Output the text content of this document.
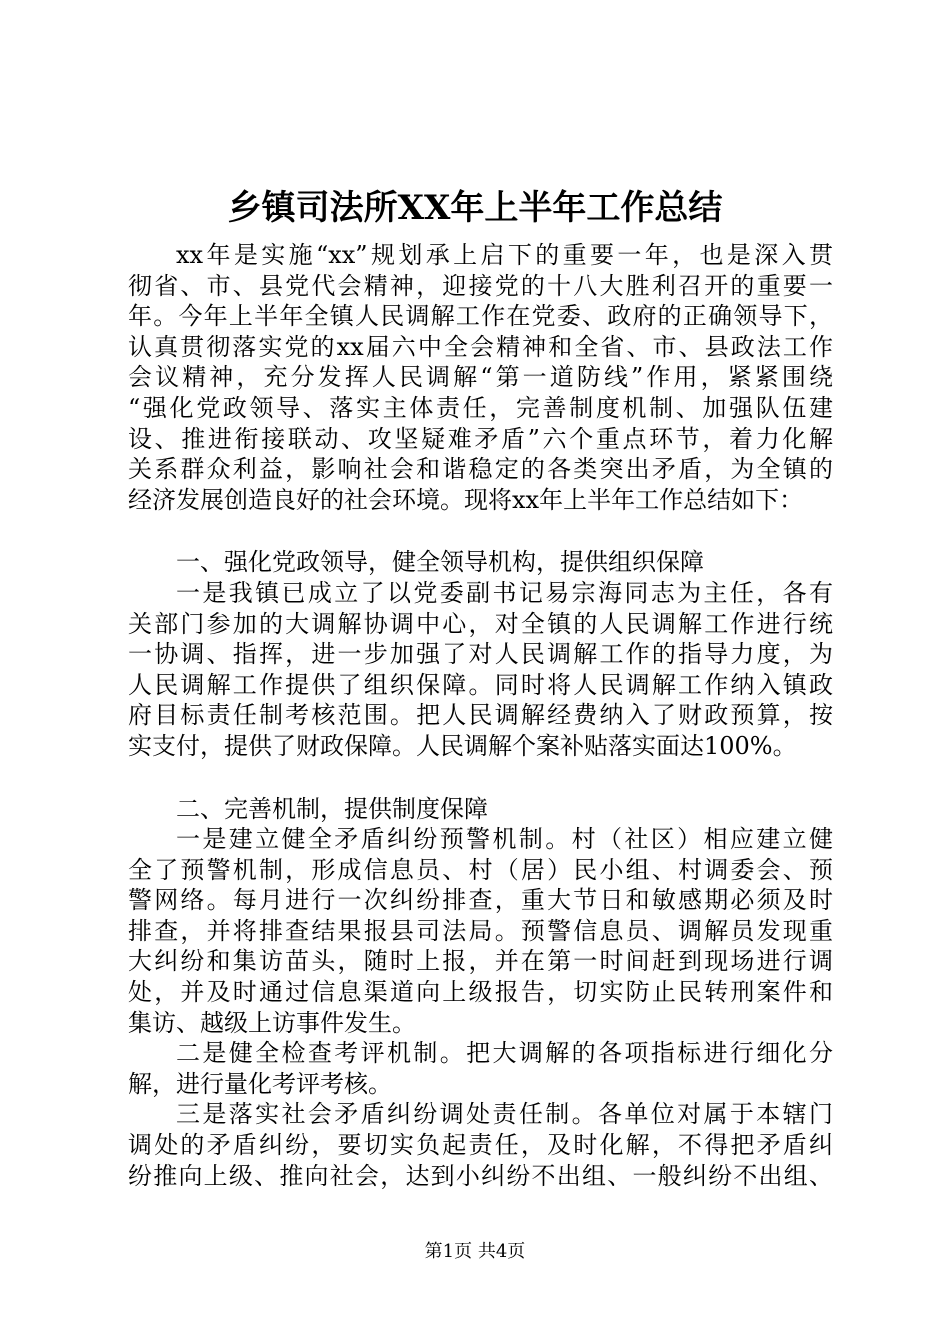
乡镇司法所XX年上半年工作总结
xx年是实施“xx”规划承上启下的重要一年，也是深入贯
彻省、市、县党代会精神，迎接党的十八大胜利召开的重要一
年。今年上半年全镇人民调解工作在党委、政府的正确领导下，
认真贯彻落实党的xx届六中全会精神和全省、市、县政法工作
会议精神，充分发挥人民调解“第一道防线”作用，紧紧围绕
“强化党政领导、落实主体责任，完善制度机制、加强队伍建
设、推进衔接联动、攻坚疑难矛盾”六个重点环节，着力化解
关系群众利益，影响社会和谐稳定的各类突出矛盾，为全镇的
经济发展创造良好的社会环境。现将xx年上半年工作总结如下：
一、强化党政领导，健全领导机构，提供组织保障
一是我镇已成立了以党委副书记易宗海同志为主任，各有
关部门参加的大调解协调中心，对全镇的人民调解工作进行统
一协调、指挥，进一步加强了对人民调解工作的指导力度，为
人民调解工作提供了组织保障。同时将人民调解工作纳入镇政
府目标责任制考核范围。把人民调解经费纳入了财政预算，按
实支付，提供了财政保障。人民调解个案补贴落实面达100%。
二、完善机制，提供制度保障
一是建立健全矛盾纠纷预警机制。村（社区）相应建立健
全了预警机制，形成信息员、村（居）民小组、村调委会、预
警网络。每月进行一次纠纷排查，重大节日和敏感期必须及时
排查，并将排查结果报县司法局。预警信息员、调解员发现重
大纠纷和集访苗头，随时上报，并在第一时间赶到现场进行调
处，并及时通过信息渠道向上级报告，切实防止民转刑案件和
集访、越级上访事件发生。
二是健全检查考评机制。把大调解的各项指标进行细化分
解，进行量化考评考核。
三是落实社会矛盾纠纷调处责任制。各单位对属于本辖门
调处的矛盾纠纷，要切实负起责任，及时化解，不得把矛盾纠
纷推向上级、推向社会，达到小纠纷不出组、一般纠纷不出组、
第1页 共4页
